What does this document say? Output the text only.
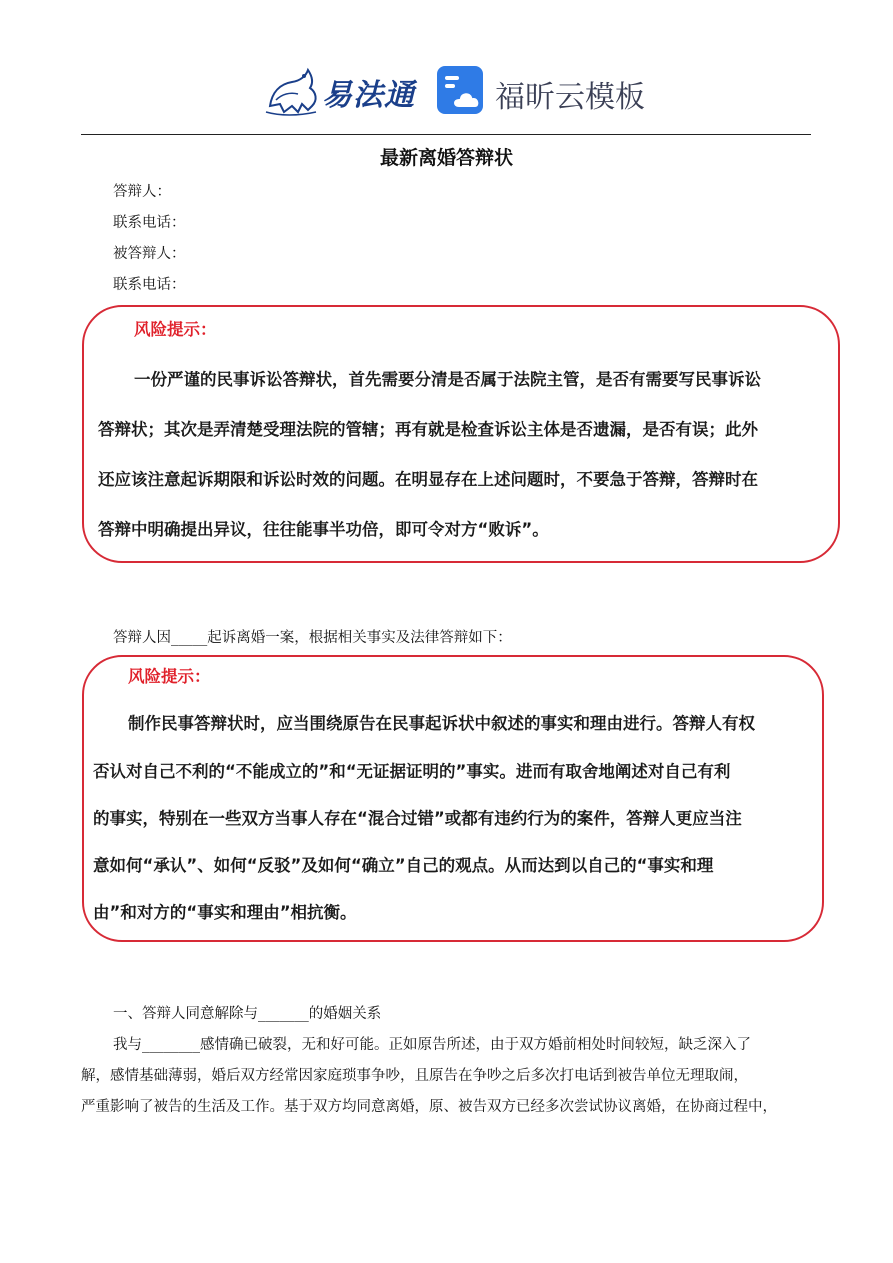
易法通	福昕云模板
最新离婚答辩状
答辩人：
联系电话：
被答辩人：
联系电话：
风险提示：
一份严谨的民事诉讼答辩状，首先需要分清是否属于法院主管，是否有需要写民事诉讼
答辩状；其次是弄清楚受理法院的管辖；再有就是检查诉讼主体是否遗漏，是否有误；此外
还应该注意起诉期限和诉讼时效的问题。在明显存在上述问题时，不要急于答辩，答辩时在
答辩中明确提出异议，往往能事半功倍，即可令对方“败诉”。
答辩人因_____起诉离婚一案，根据相关事实及法律答辩如下：
风险提示：
制作民事答辩状时，应当围绕原告在民事起诉状中叙述的事实和理由进行。答辩人有权
否认对自己不利的“不能成立的”和“无证据证明的”事实。进而有取舍地阐述对自己有利
的事实，特别在一些双方当事人存在“混合过错”或都有违约行为的案件，答辩人更应当注
意如何“承认”、如何“反驳”及如何“确立”自己的观点。从而达到以自己的“事实和理
由”和对方的“事实和理由”相抗衡。
一、答辩人同意解除与_______的婚姻关系
我与________感情确已破裂，无和好可能。正如原告所述，由于双方婚前相处时间较短，缺乏深入了
解，感情基础薄弱，婚后双方经常因家庭琐事争吵，且原告在争吵之后多次打电话到被告单位无理取闹，
严重影响了被告的生活及工作。基于双方均同意离婚，原、被告双方已经多次尝试协议离婚，在协商过程中，
